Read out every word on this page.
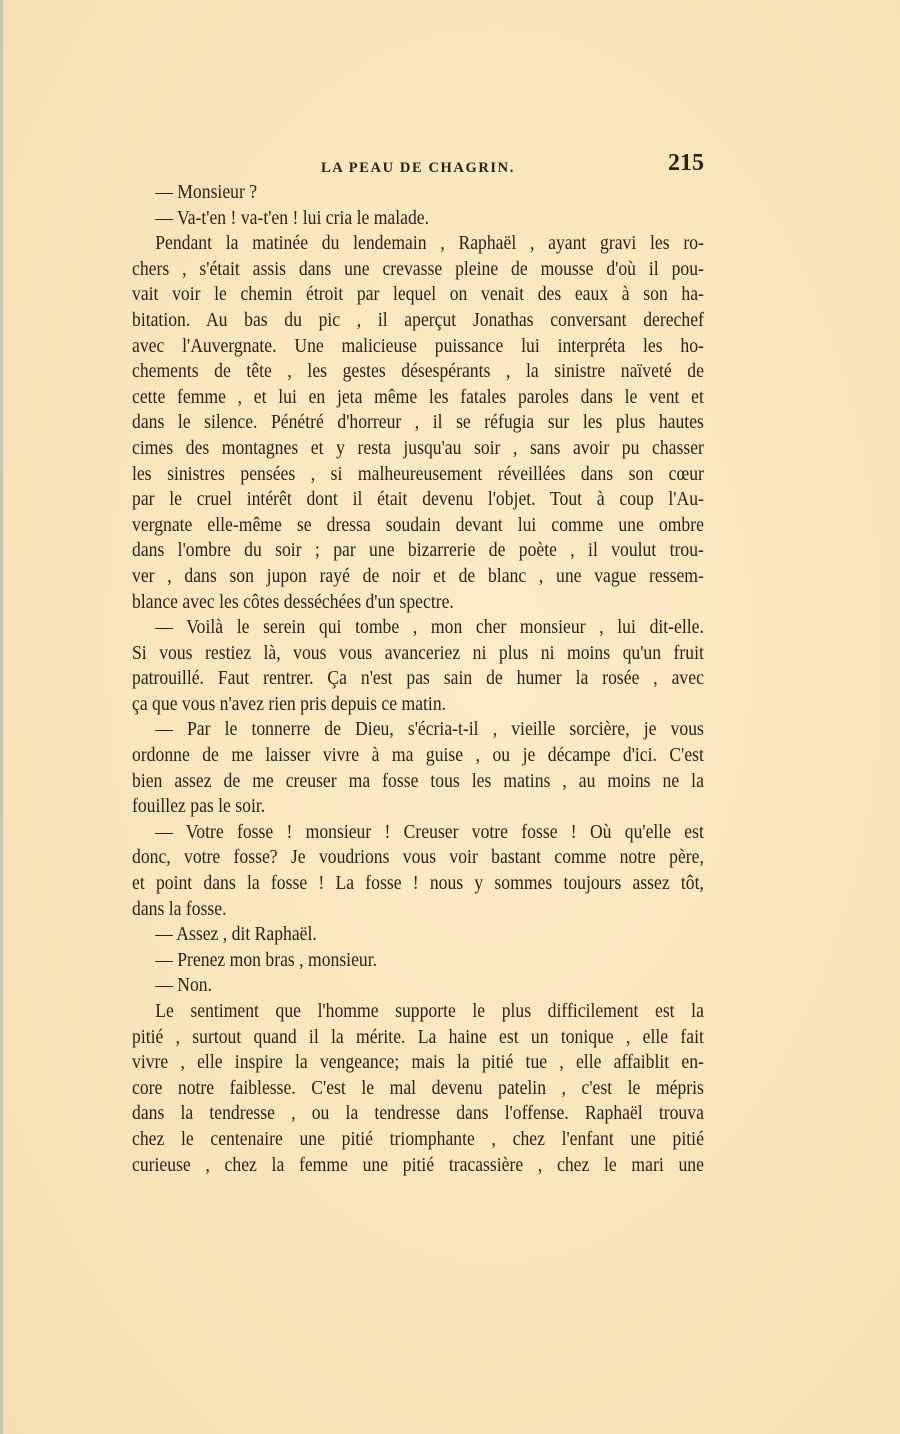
LA PEAU DE CHAGRIN.	215
— Monsieur ?
— Va-t'en ! va-t'en ! lui cria le malade.
Pendant la matinée du lendemain , Raphaël , ayant gravi les ro-
chers , s'était assis dans une crevasse pleine de mousse d'où il pou-
vait voir le chemin étroit par lequel on venait des eaux à son ha-
bitation. Au bas du pic , il aperçut Jonathas conversant derechef
avec l'Auvergnate. Une malicieuse puissance lui interpréta les ho-
chements de tête , les gestes désespérants , la sinistre naïveté de
cette femme , et lui en jeta même les fatales paroles dans le vent et
dans le silence. Pénétré d'horreur , il se réfugia sur les plus hautes
cimes des montagnes et y resta jusqu'au soir , sans avoir pu chasser
les sinistres pensées , si malheureusement réveillées dans son cœur
par le cruel intérêt dont il était devenu l'objet. Tout à coup l'Au-
vergnate elle-même se dressa soudain devant lui comme une ombre
dans l'ombre du soir ; par une bizarrerie de poète , il voulut trou-
ver , dans son jupon rayé de noir et de blanc , une vague ressem-
blance avec les côtes desséchées d'un spectre.
— Voilà le serein qui tombe , mon cher monsieur , lui dit-elle.
Si vous restiez là, vous vous avanceriez ni plus ni moins qu'un fruit
patrouillé. Faut rentrer. Ça n'est pas sain de humer la rosée , avec
ça que vous n'avez rien pris depuis ce matin.
— Par le tonnerre de Dieu, s'écria-t-il , vieille sorcière, je vous
ordonne de me laisser vivre à ma guise , ou je décampe d'ici. C'est
bien assez de me creuser ma fosse tous les matins , au moins ne la
fouillez pas le soir.
— Votre fosse ! monsieur ! Creuser votre fosse ! Où qu'elle est
donc, votre fosse? Je voudrions vous voir bastant comme notre père,
et point dans la fosse ! La fosse ! nous y sommes toujours assez tôt,
dans la fosse.
— Assez , dit Raphaël.
— Prenez mon bras , monsieur.
— Non.
Le sentiment que l'homme supporte le plus difficilement est la
pitié , surtout quand il la mérite. La haine est un tonique , elle fait
vivre , elle inspire la vengeance; mais la pitié tue , elle affaiblit en-
core notre faiblesse. C'est le mal devenu patelin , c'est le mépris
dans la tendresse , ou la tendresse dans l'offense. Raphaël trouva
chez le centenaire une pitié triomphante , chez l'enfant une pitié
curieuse , chez la femme une pitié tracassière , chez le mari une
